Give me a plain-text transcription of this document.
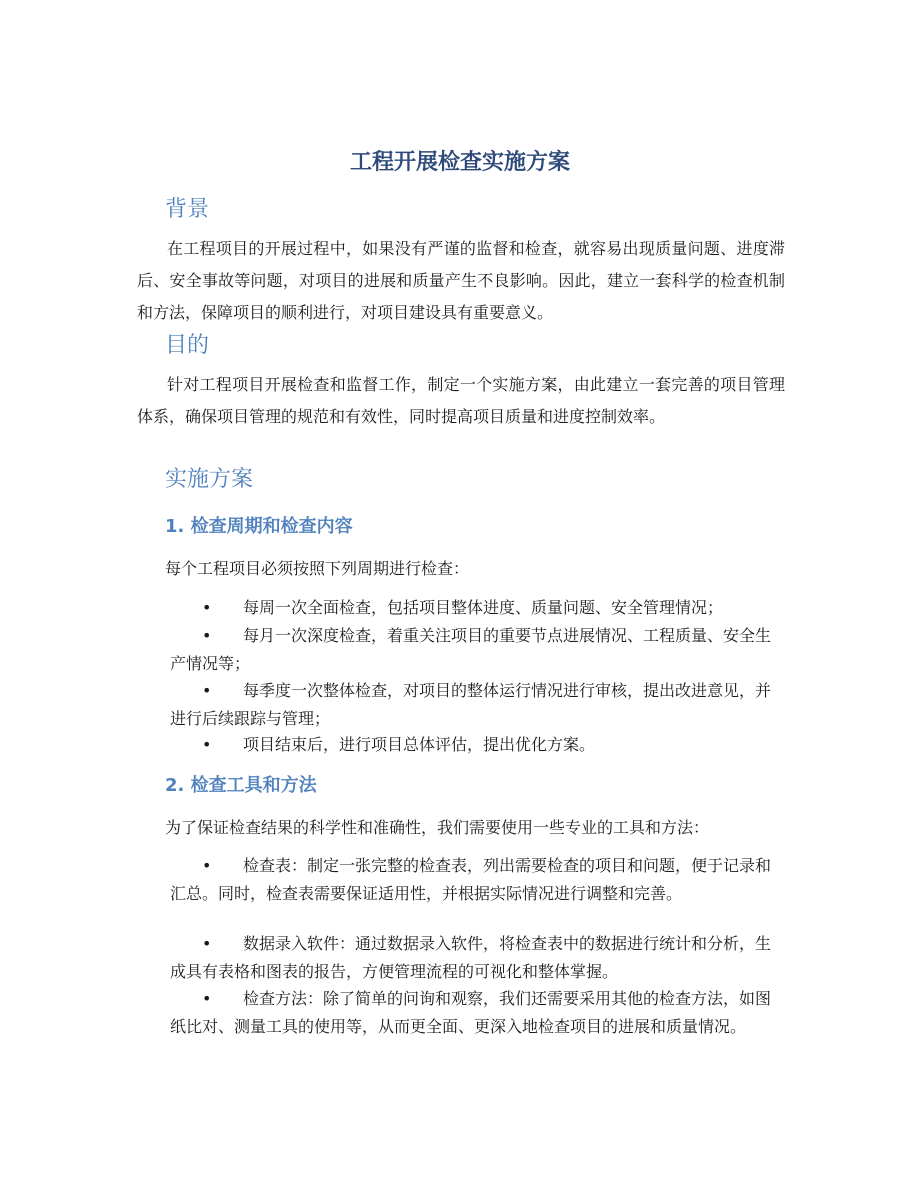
工程开展检查实施方案
背景

在工程项目的开展过程中，如果没有严谨的监督和检查，就容易出现质量问题、进度滞后、安全事故等问题，对项目的进展和质量产生不良影响。因此，建立一套科学的检查机制和方法，保障项目的顺利进行，对项目建设具有重要意义。

目的

针对工程项目开展检查和监督工作，制定一个实施方案，由此建立一套完善的项目管理体系，确保项目管理的规范和有效性，同时提高项目质量和进度控制效率。

实施方案
1. 检查周期和检查内容

每个工程项目必须按照下列周期进行检查：

•	每周一次全面检查，包括项目整体进度、质量问题、安全管理情况；
•	每月一次深度检查，着重关注项目的重要节点进展情况、工程质量、安全生产情况等；
•	每季度一次整体检查，对项目的整体运行情况进行审核，提出改进意见，并进行后续跟踪与管理；
•	项目结束后，进行项目总体评估，提出优化方案。
2. 检查工具和方法

为了保证检查结果的科学性和准确性，我们需要使用一些专业的工具和方法：

•	检查表：制定一张完整的检查表，列出需要检查的项目和问题，便于记录和汇总。同时，检查表需要保证适用性，并根据实际情况进行调整和完善。
•	数据录入软件：通过数据录入软件，将检查表中的数据进行统计和分析，生成具有表格和图表的报告，方便管理流程的可视化和整体掌握。
•	检查方法：除了简单的问询和观察，我们还需要采用其他的检查方法，如图纸比对、测量工具的使用等，从而更全面、更深入地检查项目的进展和质量情况。
